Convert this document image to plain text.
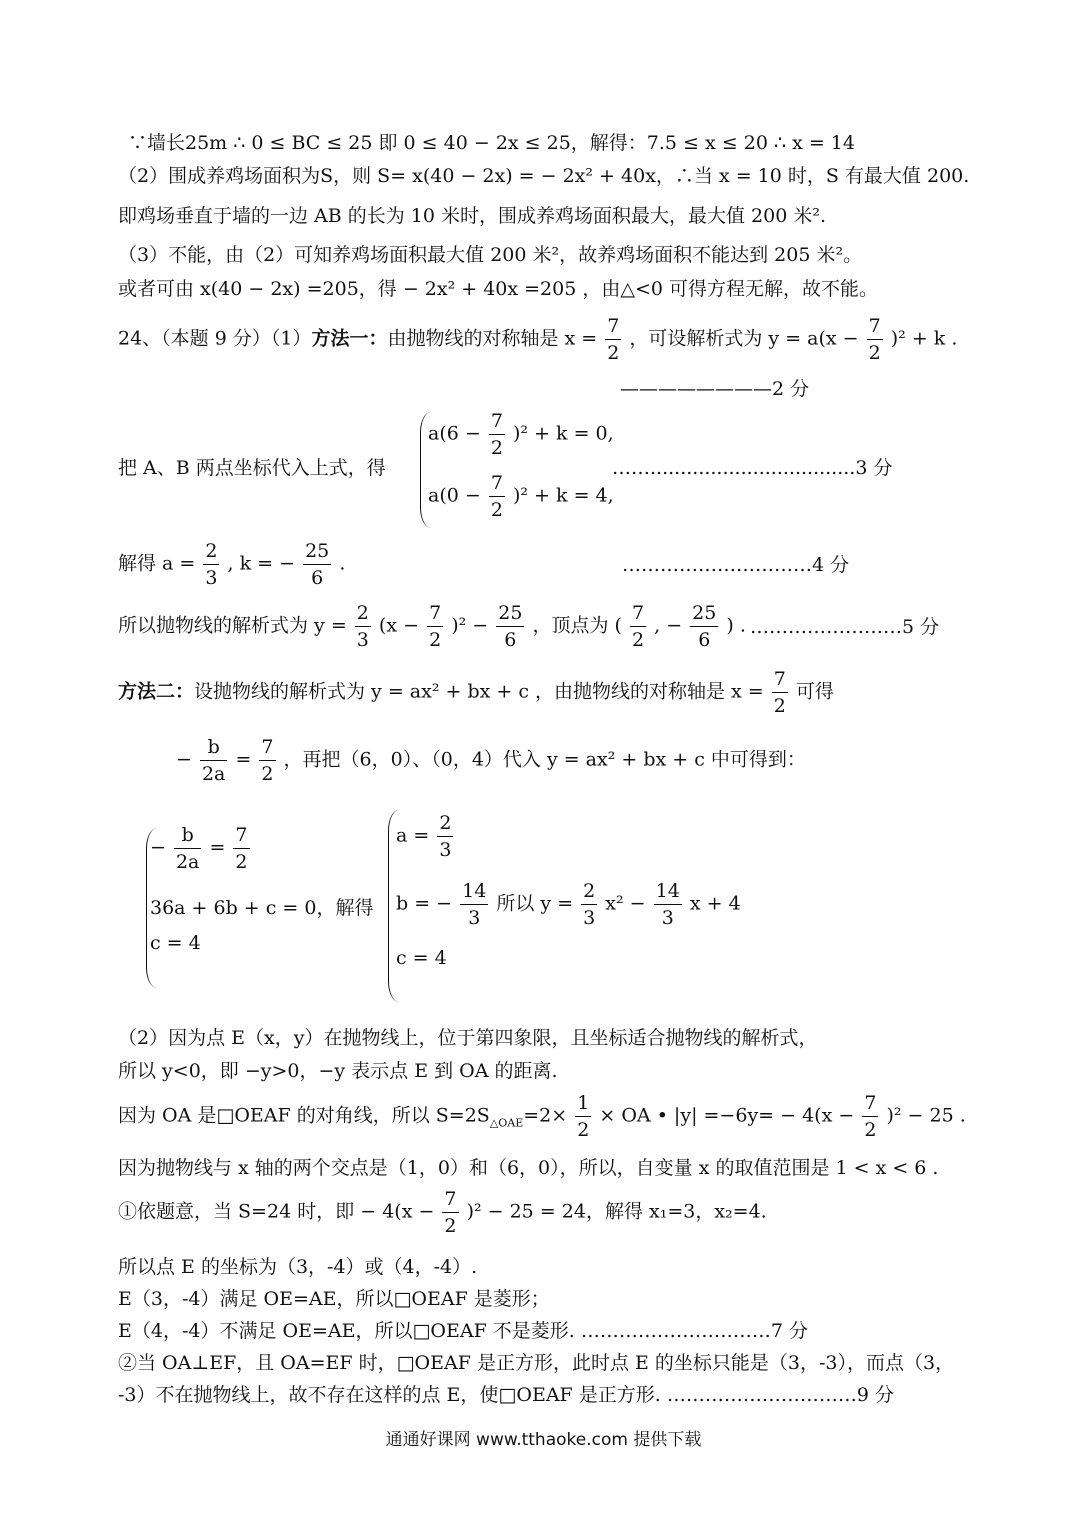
∵墙长25m ∴ 0 ≤ BC ≤ 25 即 0 ≤ 40 − 2x ≤ 25，解得：7.5 ≤ x ≤ 20 ∴ x = 14
（2）围成养鸡场面积为S，则 S= x(40 − 2x) = − 2x² + 40x，∴当 x = 10 时，S 有最大值 200.
即鸡场垂直于墙的一边 AB 的长为 10 米时，围成养鸡场面积最大，最大值 200 米².
（3）不能，由（2）可知养鸡场面积最大值 200 米²，故养鸡场面积不能达到 205 米²。
或者可由 x(40 − 2x) =205，得 − 2x² + 40x =205 ，由△<0 可得方程无解，故不能。
24、（本题 9 分）（1）方法一：由抛物线的对称轴是 $x = \frac{7}{2}$ ，可设解析式为 $y = a(x - \frac{7}{2} )^2 + k$ .
————————2 分
把 A、B 两点坐标代入上式，得
$a(6 - \frac{7}{2} )^2 + k = 0$,
$a(0 - \frac{7}{2} )^2 + k = 4$,
……..................................3 分
解得 $a = \frac{2}{3}$ , k = − $\frac{25}{6}$ .	…………………………4 分
所以抛物线的解析式为 $y = \frac{2}{3} (x - \frac{7}{2} )^2 - \frac{25}{6}$ ，顶点为 ( $\frac{7}{2}$ , − $\frac{25}{6}$ ) . ……………………5 分
方法二：设抛物线的解析式为 y = ax² + bx + c ，由抛物线的对称轴是 $x = \frac{7}{2}$ 可得
− $\frac{b}{2a} = \frac{7}{2}$ ，再把（6，0）、（0，4）代入 y = ax² + bx + c 中可得到：
− $\frac{b}{2a} = \frac{7}{2}$
36a + 6b + c = 0，解得
c = 4
$a = \frac{2}{3}$
b = − $\frac{14}{3}$ 所以 $y = \frac{2}{3} x^2 - \frac{14}{3}$ x + 4
c = 4
（2）因为点 E（x，y）在抛物线上，位于第四象限，且坐标适合抛物线的解析式，
所以 y<0，即 −y>0，−y 表示点 E 到 OA 的距离.
因为 OA 是□OEAF 的对角线，所以 $S=2S_{\triangle OAE}=2\times \frac{1}{2}$ × OA • $|y| =-6y= - 4(x - \frac{7}{2} )^2 - 25$ .
因为抛物线与 x 轴的两个交点是（1，0）和（6，0），所以，自变量 x 的取值范围是 1 < x < 6 .
①依题意，当 S=24 时，即 − $4(x - \frac{7}{2} )^2 - 25 = 24$，解得 x₁=3，x₂=4.
所以点 E 的坐标为（3，-4）或（4，-4）.
E（3，-4）满足 OE=AE，所以□OEAF 是菱形；
E（4，-4）不满足 OE=AE，所以□OEAF 不是菱形. …………………………7 分
②当 OA⊥EF，且 OA=EF 时，□OEAF 是正方形，此时点 E 的坐标只能是（3，-3），而点（3，
-3）不在抛物线上，故不存在这样的点 E，使□OEAF 是正方形. …………………………9 分
通通好课网 www.tthaoke.com 提供下载
